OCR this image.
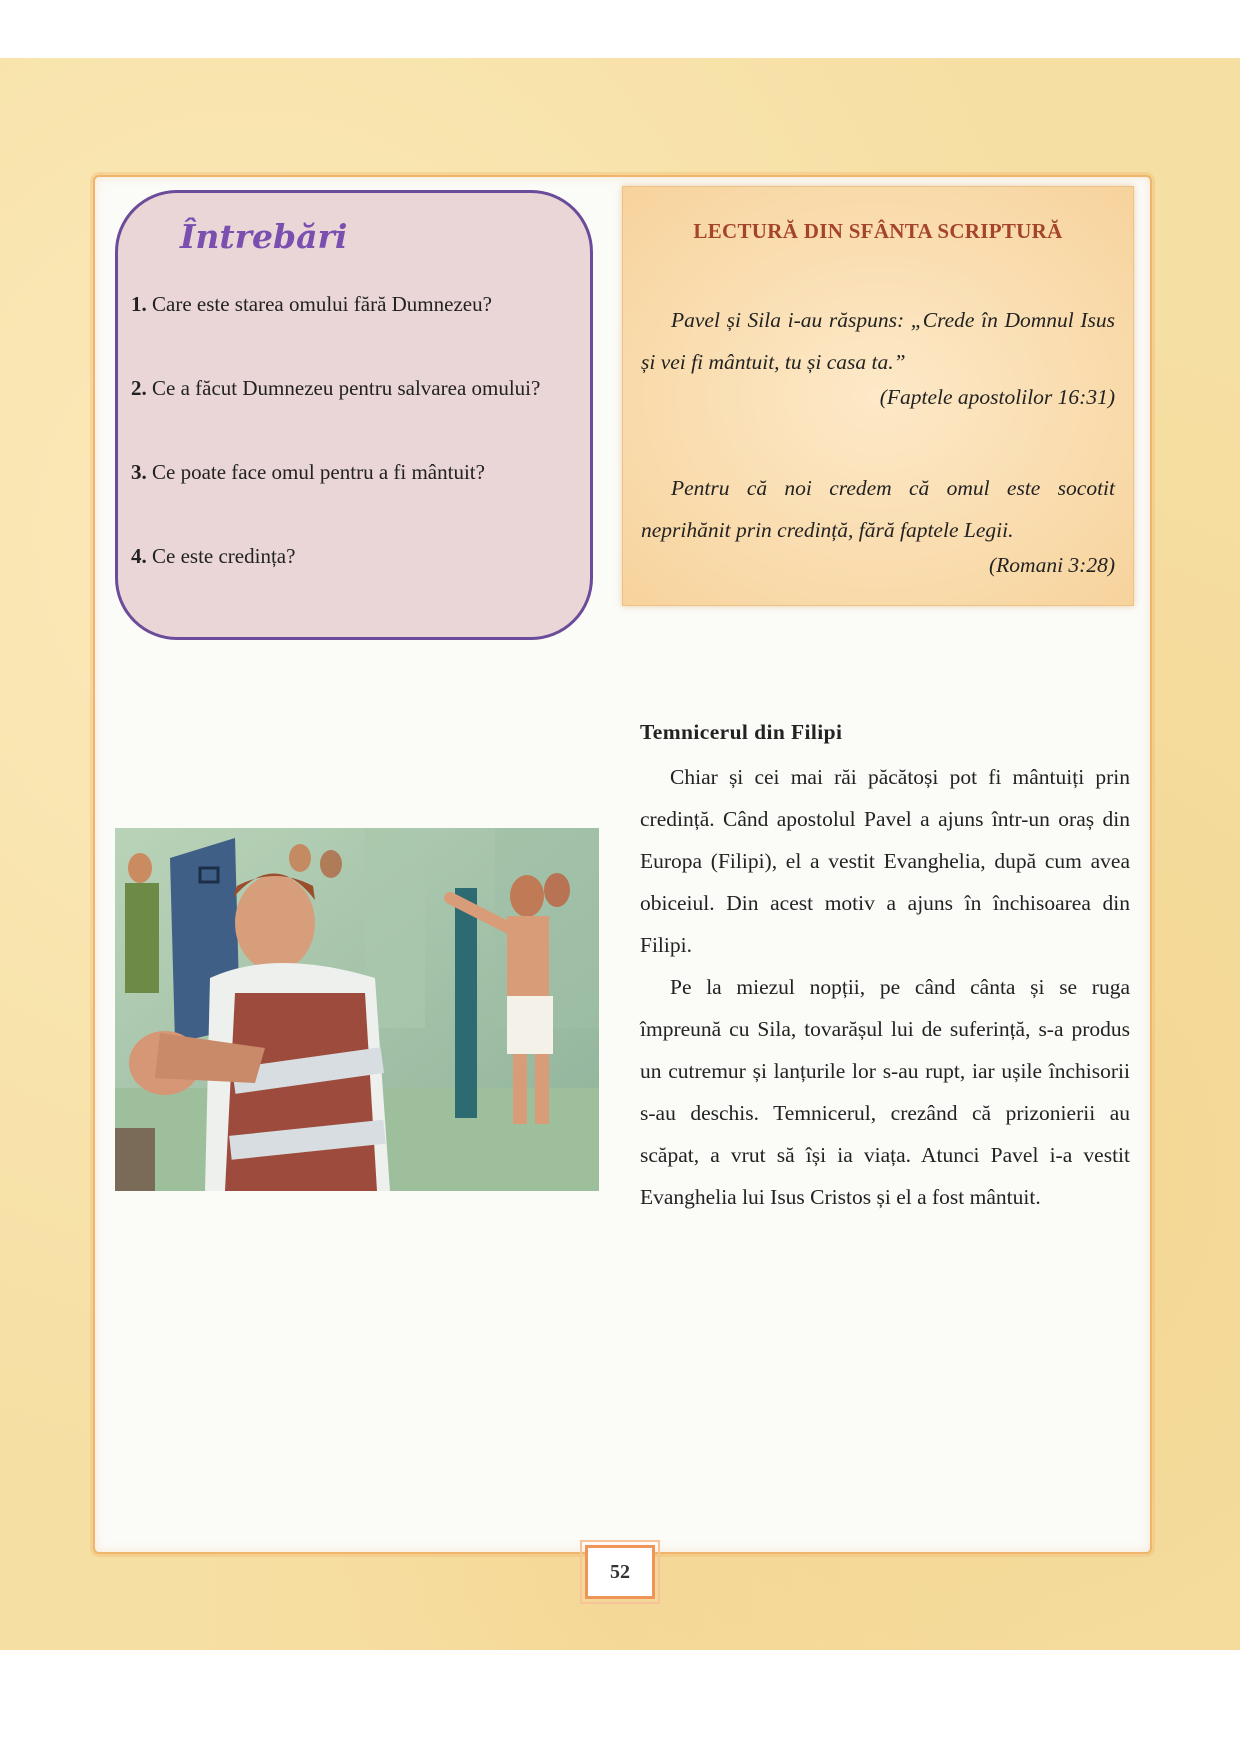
Întrebări
1. Care este starea omului fără Dumnezeu?
2. Ce a făcut Dumnezeu pentru salvarea omului?
3. Ce poate face omul pentru a fi mântuit?
4. Ce este credința?
LECTURĂ DIN SFÂNTA SCRIPTURĂ

Pavel și Sila i-au răspuns: „Crede în Domnul Isus și vei fi mântuit, tu și casa ta.”

(Faptele apostolilor 16:31)

Pentru că noi credem că omul este socotit neprihănit prin credință, fără faptele Legii.

(Romani 3:28)

Temnicerul din Filipi

Chiar și cei mai răi păcătoși pot fi mântuiți prin credință. Când apostolul Pavel a ajuns într-un oraș din Europa (Filipi), el a vestit Evanghelia, după cum avea obiceiul. Din acest motiv a ajuns în închisoarea din Filipi.

Pe la miezul nopții, pe când cânta și se ruga împreună cu Sila, tovarășul lui de suferință, s-a produs un cutremur și lanțurile lor s-au rupt, iar ușile închisorii s-au deschis. Temnicerul, crezând că prizonierii au scăpat, a vrut să își ia viața. Atunci Pavel i-a vestit Evanghelia lui Isus Cristos și el a fost mântuit.

52
